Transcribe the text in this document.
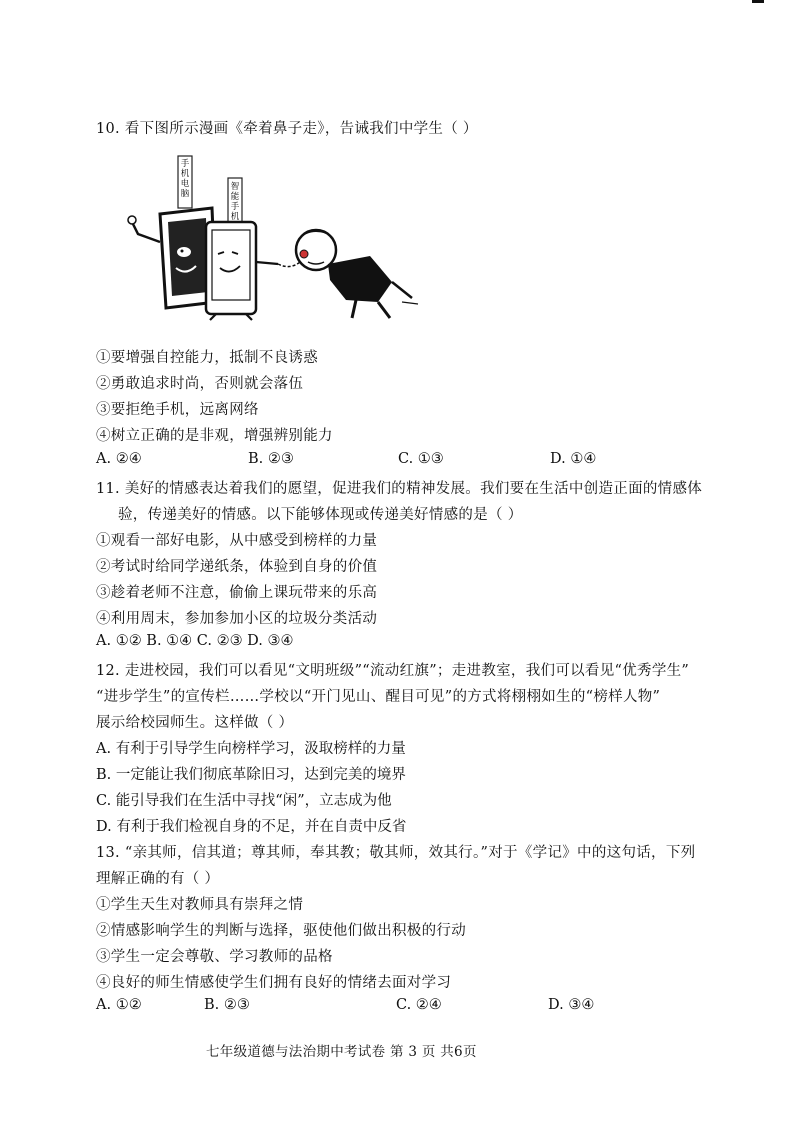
10. 看下图所示漫画《牵着鼻子走》，告诫我们中学生（ ）
手
机
电
脑
智
能
手
机
①要增强自控能力，抵制不良诱惑
②勇敢追求时尚，否则就会落伍
③要拒绝手机，远离网络
④树立正确的是非观，增强辨别能力
A. ②④	B. ②③	C. ①③	D. ①④
11. 美好的情感表达着我们的愿望，促进我们的精神发展。我们要在生活中创造正面的情感体
验，传递美好的情感。以下能够体现或传递美好情感的是（ ）
①观看一部好电影，从中感受到榜样的力量
②考试时给同学递纸条，体验到自身的价值
③趁着老师不注意，偷偷上课玩带来的乐高
④利用周末，参加参加小区的垃圾分类活动
A. ①② B. ①④ C. ②③ D. ③④
12. 走进校园，我们可以看见“文明班级”“流动红旗”；走进教室，我们可以看见“优秀学生”
“进步学生”的宣传栏……学校以“开门见山、醒目可见”的方式将栩栩如生的“榜样人物”
展示给校园师生。这样做（ ）
A. 有利于引导学生向榜样学习，汲取榜样的力量
B. 一定能让我们彻底革除旧习，达到完美的境界
C. 能引导我们在生活中寻找“闲”，立志成为他
D. 有利于我们检视自身的不足，并在自责中反省
13. “亲其师，信其道；尊其师，奉其教；敬其师，效其行。”对于《学记》中的这句话，下列
理解正确的有（ ）
①学生天生对教师具有崇拜之情
②情感影响学生的判断与选择，驱使他们做出积极的行动
③学生一定会尊敬、学习教师的品格
④良好的师生情感使学生们拥有良好的情绪去面对学习
A. ①②	B. ②③	C. ②④	D. ③④
七年级道德与法治期中考试卷 第 3 页 共6页
